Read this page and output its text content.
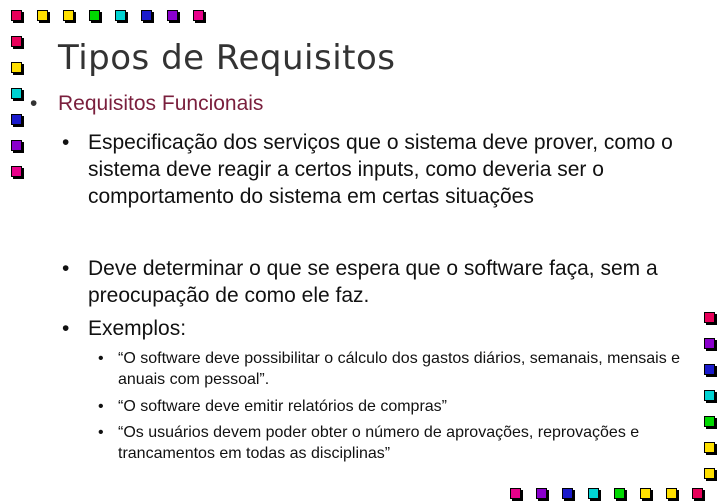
Tipos de Requisitos
• Requisitos Funcionais
• Especificação dos serviços que o sistema deve prover, como o sistema deve reagir a certos inputs, como deveria ser o comportamento do sistema em certas situações
• Deve determinar o que se espera que o software faça, sem a preocupação de como ele faz.
• Exemplos:
• “O software deve possibilitar o cálculo dos gastos diários, semanais, mensais e anuais com pessoal”.
• “O software deve emitir relatórios de compras”
• “Os usuários devem poder obter o número de aprovações, reprovações e trancamentos em todas as disciplinas”
